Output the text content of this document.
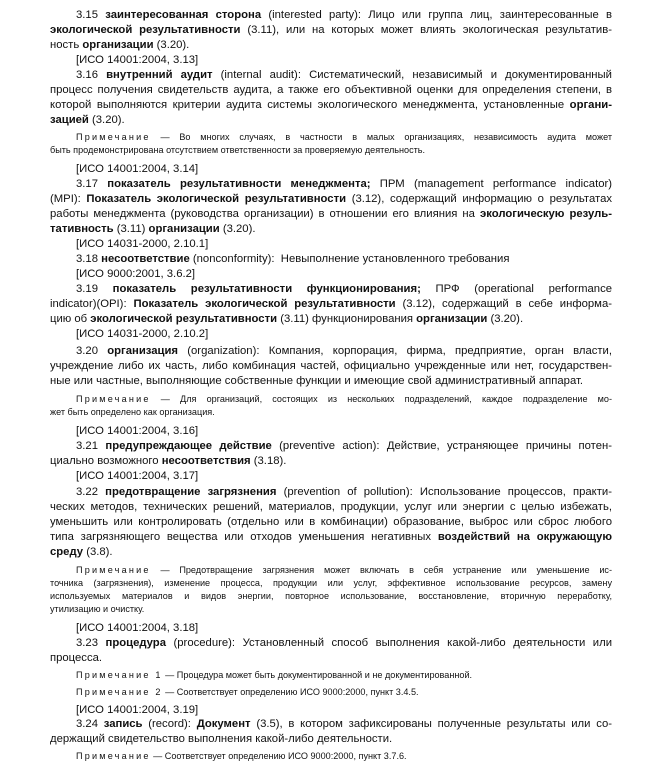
3.15 заинтересованная сторона (interested party): Лицо или группа лиц, заинтересованные в
экологической результативности (3.11), или на которых может влиять экологическая результатив-
ность организации (3.20).
[ИСО 14001:2004, 3.13]
3.16 внутренний аудит (internal audit): Систематический, независимый и документированный
процесс получения свидетельств аудита, а также его объективной оценки для определения степени, в
которой выполняются критерии аудита системы экологического менеджмента, установленные органи-
зацией (3.20).
Примечание — Во многих случаях, в частности в малых организациях, независимость аудита может
быть продемонстрирована отсутствием ответственности за проверяемую деятельность.
[ИСО 14001:2004, 3.14]
3.17 показатель результативности менеджмента; ПРМ (management performance indicator)
(MPI): Показатель экологической результативности (3.12), содержащий информацию о результатах
работы менеджмента (руководства организации) в отношении его влияния на экологическую резуль-
тативность (3.11) организации (3.20).
[ИСО 14031-2000, 2.10.1]
3.18 несоответствие (nonconformity): Невыполнение установленного требования
[ИСО 9000:2001, 3.6.2]
3.19 показатель результативности функционирования; ПРФ (operational performance
indicator)(OPI): Показатель экологической результативности (3.12), содержащий в себе информа-
цию об экологической результативности (3.11) функционирования организации (3.20).
[ИСО 14031-2000, 2.10.2]
3.20 организация (organization): Компания, корпорация, фирма, предприятие, орган власти,
учреждение либо их часть, либо комбинация частей, официально учрежденные или нет, государствен-
ные или частные, выполняющие собственные функции и имеющие свой административный аппарат.
Примечание — Для организаций, состоящих из нескольких подразделений, каждое подразделение мо-
жет быть определено как организация.
[ИСО 14001:2004, 3.16]
3.21 предупреждающее действие (preventive action): Действие, устраняющее причины потен-
циально возможного несоответствия (3.18).
[ИСО 14001:2004, 3.17]
3.22 предотвращение загрязнения (prevention of pollution): Использование процессов, практи-
ческих методов, технических решений, материалов, продукции, услуг или энергии с целью избежать,
уменьшить или контролировать (отдельно или в комбинации) образование, выброс или сброс любого
типа загрязняющего вещества или отходов уменьшения негативных воздействий на окружающую
среду (3.8).
Примечание — Предотвращение загрязнения может включать в себя устранение или уменьшение ис-
точника (загрязнения), изменение процесса, продукции или услуг, эффективное использование ресурсов, замену
используемых материалов и видов энергии, повторное использование, восстановление, вторичную переработку,
утилизацию и очистку.
[ИСО 14001:2004, 3.18]
3.23 процедура (procedure): Установленный способ выполнения какой-либо деятельности или
процесса.
Примечание 1 — Процедура может быть документированной и не документированной.
Примечание 2 — Соответствует определению ИСО 9000:2000, пункт 3.4.5.
[ИСО 14001:2004, 3.19]
3.24 запись (record): Документ (3.5), в котором зафиксированы полученные результаты или со-
держащий свидетельство выполнения какой-либо деятельности.
Примечание — Соответствует определению ИСО 9000:2000, пункт 3.7.6.
